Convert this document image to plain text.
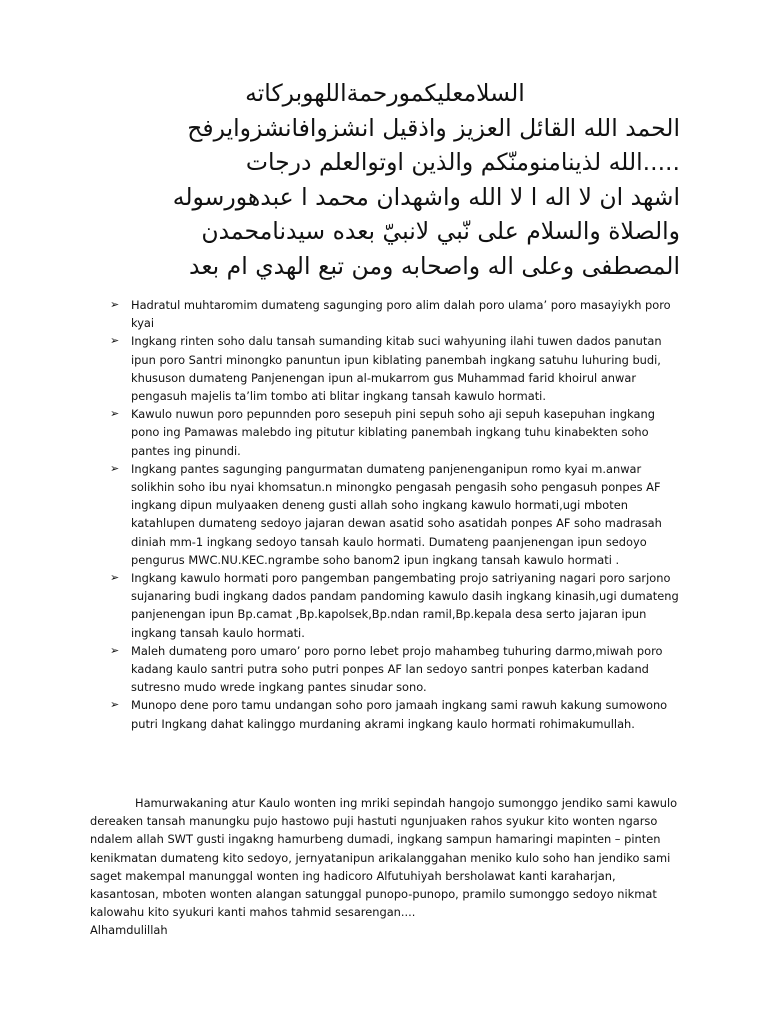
السلامعليكمورحمةاللهوبركاته
الحمد الله القائل العزيز واذقيل انشزوافانشزوايرفح
.....الله لذينامنومنّكم والذين اوتوالعلم درجات
اشهد ان لا اله ا لا الله واشهدان محمد ا عبدهورسوله
والصلاة والسلام على نّبي لانبيّ بعده سيدنامحمدن
المصطفى وعلى اله واصحابه ومن تبع الهدي ام بعد
➢	Hadratul muhtaromim dumateng sagunging poro alim dalah poro ulama’ poro masayiykh poro kyai
➢	Ingkang rinten soho dalu tansah sumanding kitab suci wahyuning ilahi tuwen dados panutan ipun poro Santri minongko panuntun ipun kiblating panembah ingkang satuhu luhuring budi, khususon dumateng Panjenengan ipun al-mukarrom gus Muhammad farid khoirul anwar pengasuh majelis ta’lim tombo ati blitar ingkang tansah kawulo hormati.
➢	Kawulo nuwun poro pepunnden poro sesepuh pini sepuh soho aji sepuh kasepuhan ingkang pono ing Pamawas malebdo ing pitutur kiblating panembah ingkang tuhu kinabekten soho pantes ing pinundi.
➢	Ingkang pantes sagunging pangurmatan dumateng panjenenganipun romo kyai m.anwar solikhin soho ibu nyai khomsatun.n minongko pengasah pengasih soho pengasuh ponpes AF ingkang dipun mulyaaken deneng gusti allah soho ingkang kawulo hormati,ugi mboten katahlupen dumateng sedoyo jajaran dewan asatid soho asatidah ponpes AF soho madrasah diniah mm-1 ingkang sedoyo tansah kaulo hormati. Dumateng paanjenengan ipun sedoyo pengurus MWC.NU.KEC.ngrambe soho banom2 ipun ingkang tansah kawulo hormati .
➢	Ingkang kawulo hormati poro pangemban pangembating projo satriyaning nagari poro sarjono sujanaring budi ingkang dados pandam pandoming kawulo dasih ingkang kinasih,ugi dumateng panjenengan ipun Bp.camat ,Bp.kapolsek,Bp.ndan ramil,Bp.kepala desa serto jajaran ipun ingkang tansah kaulo hormati.
➢	Maleh dumateng poro umaro’ poro porno lebet projo mahambeg tuhuring darmo,miwah poro kadang kaulo santri putra soho putri ponpes AF lan sedoyo santri ponpes katerban kadand sutresno mudo wrede ingkang pantes sinudar sono.
➢	Munopo dene poro tamu undangan soho poro jamaah ingkang sami rawuh kakung sumowono putri Ingkang dahat kalinggo murdaning akrami ingkang kaulo hormati rohimakumullah.

Hamurwakaning atur Kaulo wonten ing mriki sepindah hangojo sumonggo jendiko sami kawulo dereaken tansah manungku pujo hastowo puji hastuti ngunjuaken rahos syukur kito wonten ngarso ndalem allah SWT gusti ingakng hamurbeng dumadi, ingkang sampun hamaringi mapinten – pinten kenikmatan dumateng kito sedoyo, jernyatanipun arikalanggahan meniko kulo soho han jendiko sami saget makempal manunggal wonten ing hadicoro Alfutuhiyah bersholawat kanti karaharjan, kasantosan, mboten wonten alangan satunggal punopo-punopo, pramilo sumonggo sedoyo nikmat kalowahu kito syukuri kanti mahos tahmid sesarengan....

Alhamdulillah
